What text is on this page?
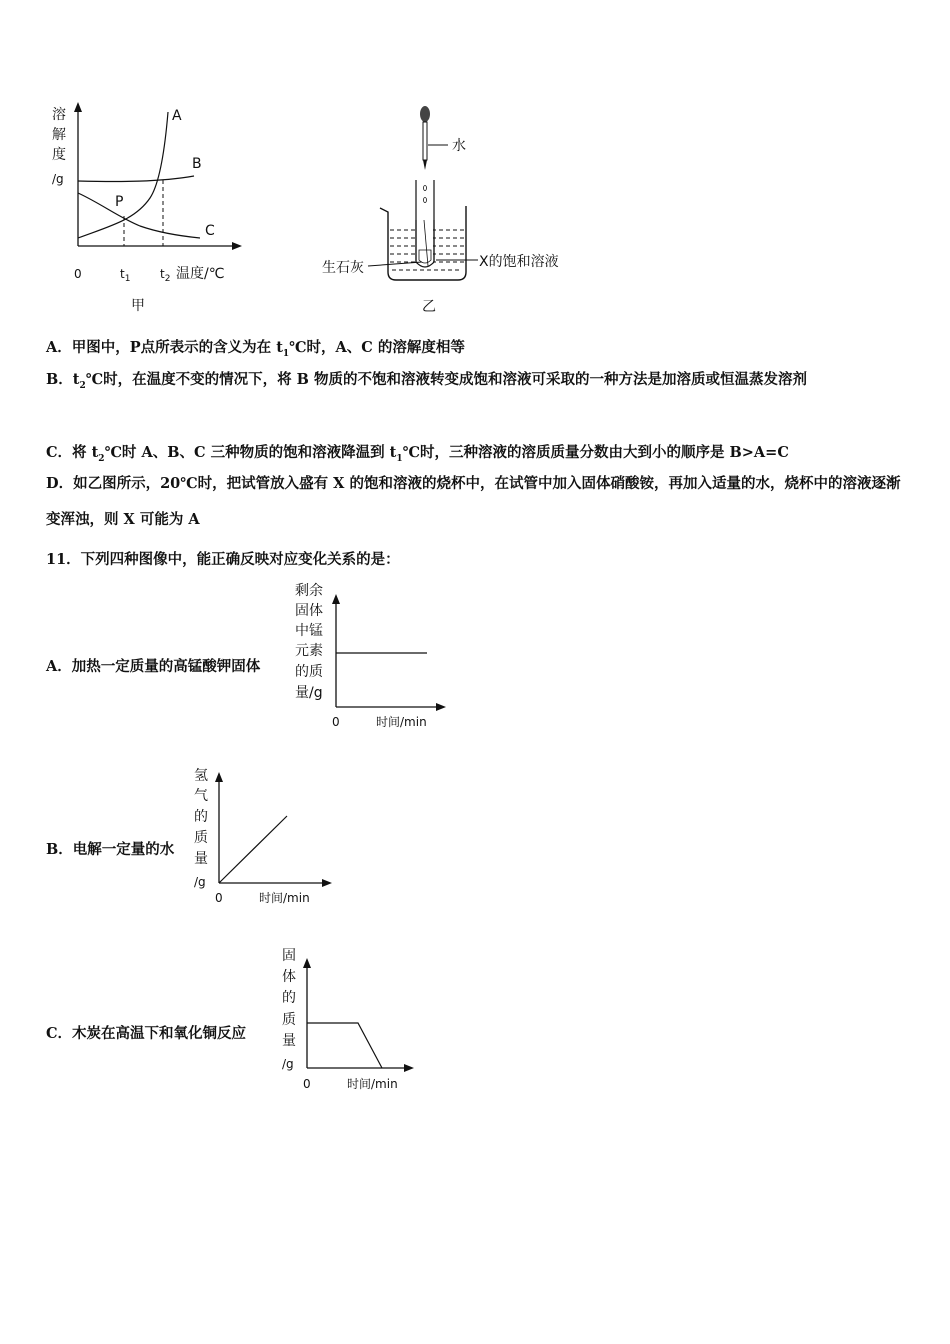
溶
解
度
/g
A
B
C
P
0	$t_1$ $t_2$ 温度/℃
甲
水
生石灰	X的饱和溶液
乙
A．甲图中，P点所表示的含义为在 $t_1℃$时，A、C 的溶解度相等
B．$t_2℃$时，在温度不变的情况下，将 B 物质的不饱和溶液转变成饱和溶液可采取的一种方法是加溶质或恒温蒸发溶剂
C．将 $t_2℃$时 A、B、C 三种物质的饱和溶液降温到 $t_1℃$时，三种溶液的溶质质量分数由大到小的顺序是 B>A=C
D．如乙图所示，20℃时，把试管放入盛有 X 的饱和溶液的烧杯中，在试管中加入固体硝酸铵，再加入适量的水，烧杯中的溶液逐渐变浑浊，则 X 可能为 A
11．下列四种图像中，能正确反映对应变化关系的是：
A．加热一定质量的高锰酸钾固体
剩余
固体
中锰
元素
的质
量/g
0	时间/min
B．电解一定量的水
氢
气
的
质
量
/g
0	时间/min
C．木炭在高温下和氧化铜反应
固
体
的
质
量
/g
0	时间/min
